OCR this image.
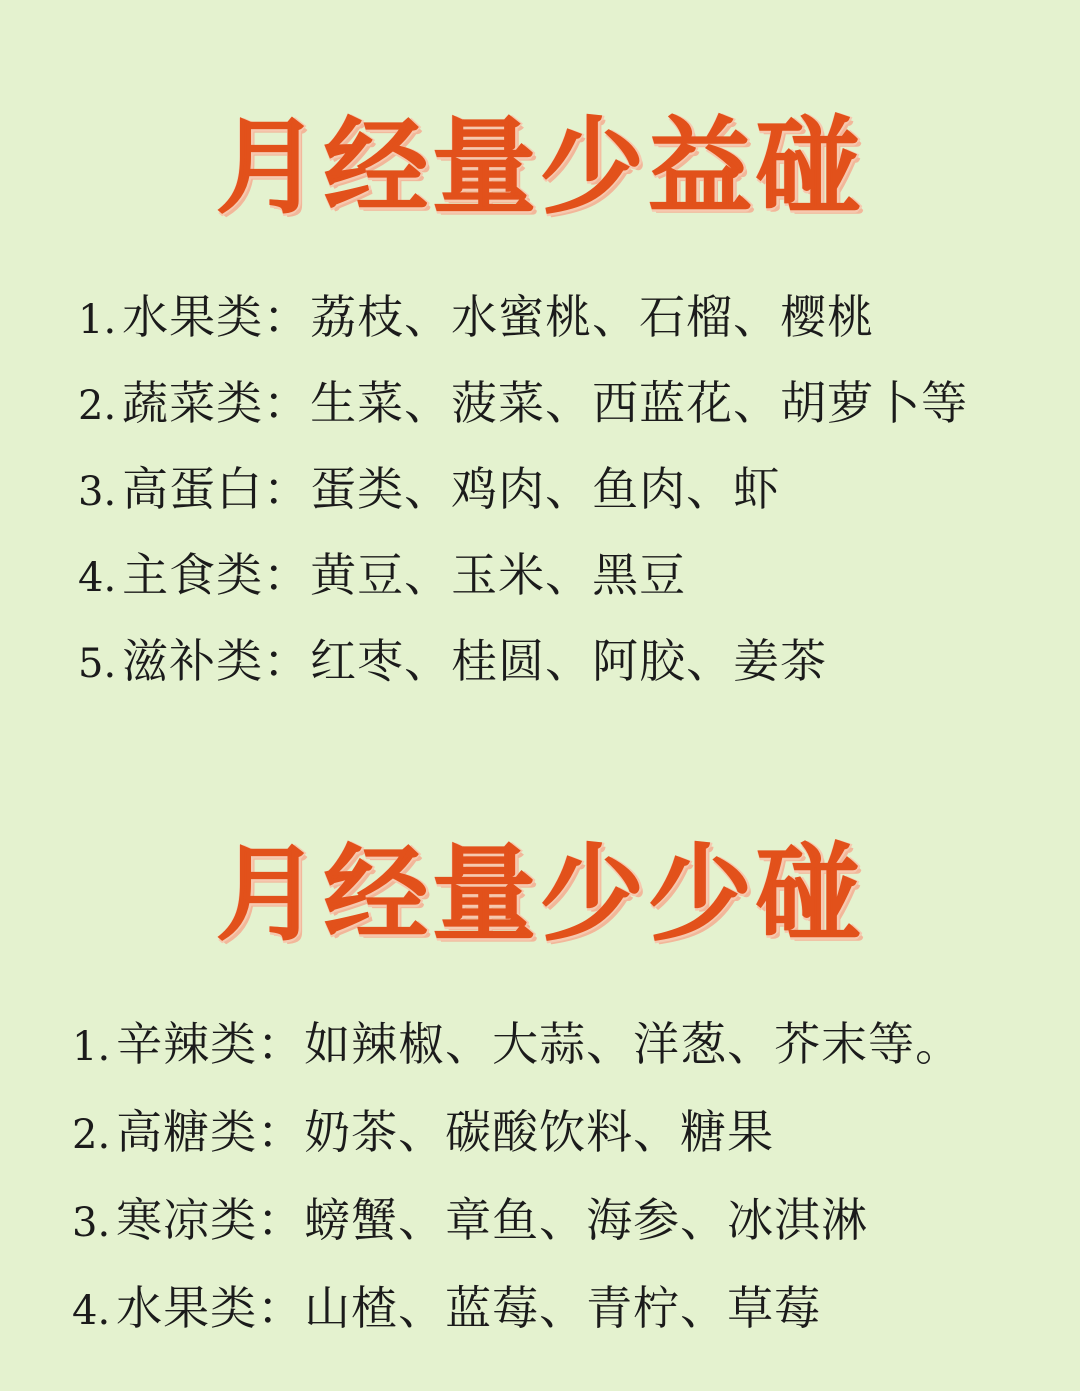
月经量少益碰
1. 水果类：荔枝、水蜜桃、石榴、樱桃
2. 蔬菜类：生菜、菠菜、西蓝花、胡萝卜等
3. 高蛋白：蛋类、鸡肉、鱼肉、虾
4. 主食类：黄豆、玉米、黑豆
5. 滋补类：红枣、桂圆、阿胶、姜茶
月经量少少碰
1. 辛辣类：如辣椒、大蒜、洋葱、芥末等。
2. 高糖类：奶茶、碳酸饮料、糖果
3. 寒凉类：螃蟹、章鱼、海参、冰淇淋
4. 水果类：山楂、蓝莓、青柠、草莓
